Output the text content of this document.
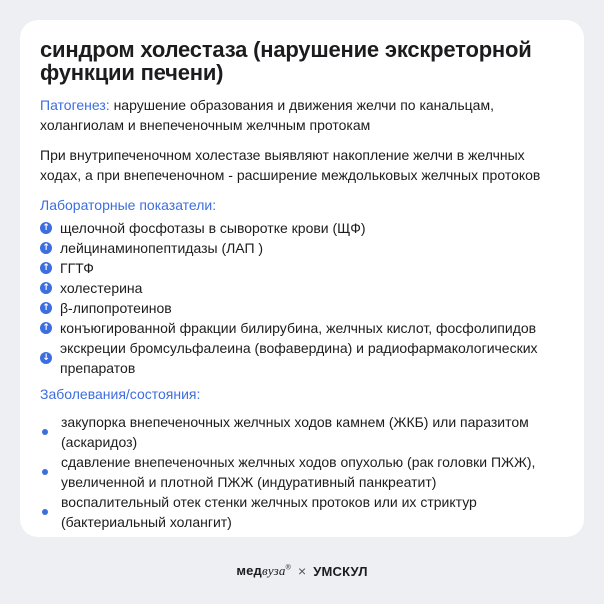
синдром холестаза (нарушение экскреторной функции печени)

Патогенез: нарушение образования и движения желчи по канальцам, холангиолам и внепеченочным желчным протокам

При внутрипеченочном холестазе выявляют накопление желчи в желчных ходах, а при внепеченочном - расширение междольковых желчных протоков

Лабораторные показатели:
↑ щелочной фосфотазы в сыворотке крови (ЩФ)
↑ лейцинаминопептидазы (ЛАП )
↑ ГГТФ
↑ холестерина
↑ β-липопротеинов
↑ конъюгированной фракции билирубина, желчных кислот, фосфолипидов
↓
экскреции бромсульфалеина (вофавердина) и радиофармакологических препаратов
Заболевания/состояния:
закупорка внепеченочных желчных ходов камнем (ЖКБ) или паразитом (аскаридоз)
сдавление внепеченочных желчных ходов опухолью (рак головки ПЖЖ), увеличенной и плотной ПЖЖ (индуративный панкреатит)
воспалительный отек стенки желчных протоков или их стриктур (бактериальный холангит)
медвуза® × УМСКУЛ
